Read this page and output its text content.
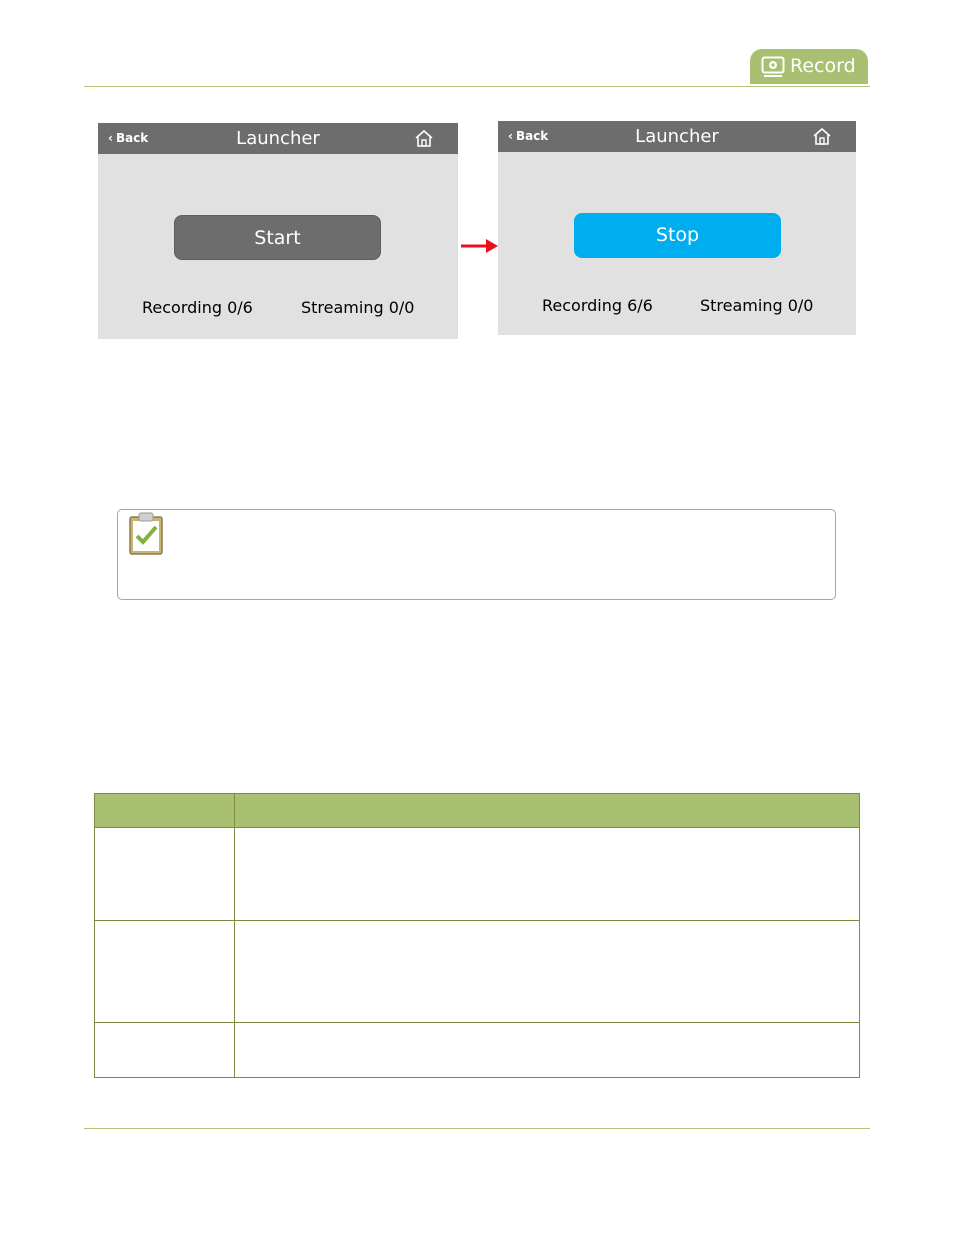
Record
‹ Back	Launcher
Start
Recording 0/6	Streaming 0/0
‹ Back	Launcher
Stop
Recording 6/6	Streaming 0/0
